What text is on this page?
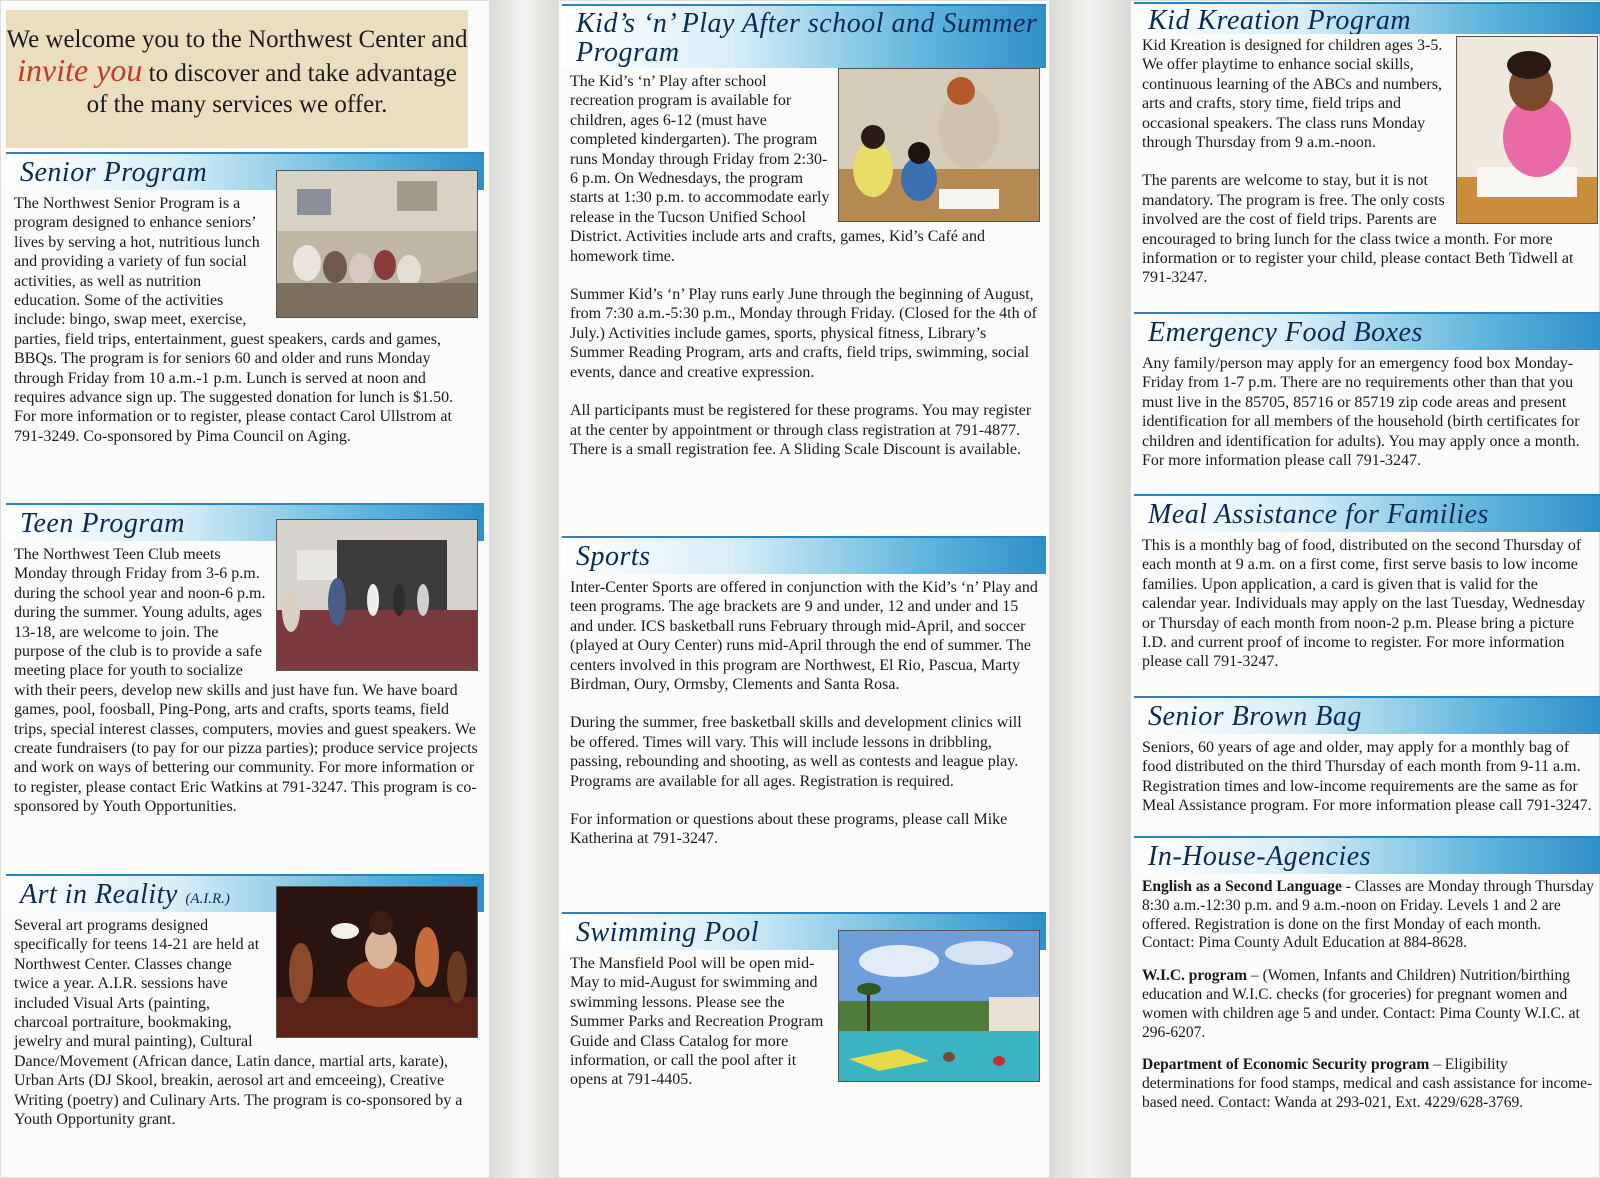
We welcome you to the Northwest Center and invite you to discover and take advantage of the many services we offer.
Senior Program
The Northwest Senior Program is a program designed to enhance seniors’ lives by serving a hot, nutritious lunch and providing a variety of fun social activities, as well as nutrition education. Some of the activities include: bingo, swap meet, exercise, parties, field trips, entertainment, guest speakers, cards and games, BBQs. The program is for seniors 60 and older and runs Monday through Friday from 10 a.m.-1 p.m. Lunch is served at noon and requires advance sign up. The suggested donation for lunch is $1.50. For more information or to register, please contact Carol Ullstrom at 791-3249. Co-sponsored by Pima Council on Aging.
Teen Program
The Northwest Teen Club meets Monday through Friday from 3-6 p.m. during the school year and noon-6 p.m. during the summer. Young adults, ages 13-18, are welcome to join. The purpose of the club is to provide a safe meeting place for youth to socialize with their peers, develop new skills and just have fun. We have board games, pool, foosball, Ping-Pong, arts and crafts, sports teams, field trips, special interest classes, computers, movies and guest speakers. We create fundraisers (to pay for our pizza parties); produce service projects and work on ways of bettering our community. For more information or to register, please contact Eric Watkins at 791-3247. This program is co-sponsored by Youth Opportunities.
Art in Reality (A.I.R.)
Several art programs designed specifically for teens 14-21 are held at Northwest Center. Classes change twice a year. A.I.R. sessions have included Visual Arts (painting, charcoal portraiture, bookmaking, jewelry and mural painting), Cultural Dance/Movement (African dance, Latin dance, martial arts, karate), Urban Arts (DJ Skool, breakin, aerosol art and emceeing), Creative Writing (poetry) and Culinary Arts. The program is co-sponsored by a Youth Opportunity grant.
Kid’s ‘n’ Play After school and Summer Program

The Kid’s ‘n’ Play after school recreation program is available for children, ages 6-12 (must have completed kindergarten). The program runs Monday through Friday from 2:30-6 p.m. On Wednesdays, the program starts at 1:30 p.m. to accommodate early release in the Tucson Unified School District. Activities include arts and crafts, games, Kid’s Café and homework time.

Summer Kid’s ‘n’ Play runs early June through the beginning of August, from 7:30 a.m.-5:30 p.m., Monday through Friday. (Closed for the 4th of July.) Activities include games, sports, physical fitness, Library’s Summer Reading Program, arts and crafts, field trips, swimming, social events, dance and creative expression.

All participants must be registered for these programs. You may register at the center by appointment or through class registration at 791-4877. There is a small registration fee. A Sliding Scale Discount is available.

Sports

Inter-Center Sports are offered in conjunction with the Kid’s ‘n’ Play and teen programs. The age brackets are 9 and under, 12 and under and 15 and under. ICS basketball runs February through mid-April, and soccer (played at Oury Center) runs mid-April through the end of summer. The centers involved in this program are Northwest, El Rio, Pascua, Marty Birdman, Oury, Ormsby, Clements and Santa Rosa.

During the summer, free basketball skills and development clinics will be offered. Times will vary. This will include lessons in dribbling, passing, rebounding and shooting, as well as contests and league play. Programs are available for all ages. Registration is required.

For information or questions about these programs, please call Mike Katherina at 791-3247.

Swimming Pool
The Mansfield Pool will be open mid-May to mid-August for swimming and swimming lessons. Please see the Summer Parks and Recreation Program Guide and Class Catalog for more information, or call the pool after it opens at 791-4405.
Kid Kreation Program

Kid Kreation is designed for children ages 3-5. We offer playtime to enhance social skills, continuous learning of the ABCs and numbers, arts and crafts, story time, field trips and occasional speakers. The class runs Monday through Thursday from 9 a.m.-noon.

The parents are welcome to stay, but it is not mandatory. The program is free. The only costs involved are the cost of field trips. Parents are encouraged to bring lunch for the class twice a month. For more information or to register your child, please contact Beth Tidwell at 791-3247.

Emergency Food Boxes
Any family/person may apply for an emergency food box Monday-Friday from 1-7 p.m. There are no requirements other than that you must live in the 85705, 85716 or 85719 zip code areas and present identification for all members of the household (birth certificates for children and identification for adults). You may apply once a month. For more information please call 791-3247.
Meal Assistance for Families
This is a monthly bag of food, distributed on the second Thursday of each month at 9 a.m. on a first come, first serve basis to low income families. Upon application, a card is given that is valid for the calendar year. Individuals may apply on the last Tuesday, Wednesday or Thursday of each month from noon-2 p.m. Please bring a picture I.D. and current proof of income to register. For more information please call 791-3247.
Senior Brown Bag
Seniors, 60 years of age and older, may apply for a monthly bag of food distributed on the third Thursday of each month from 9-11 a.m. Registration times and low-income requirements are the same as for Meal Assistance program. For more information please call 791-3247.
In-House-Agencies

English as a Second Language - Classes are Monday through Thursday 8:30 a.m.-12:30 p.m. and 9 a.m.-noon on Friday. Levels 1 and 2 are offered. Registration is done on the first Monday of each month. Contact: Pima County Adult Education at 884-8628.

W.I.C. program – (Women, Infants and Children) Nutrition/birthing education and W.I.C. checks (for groceries) for pregnant women and women with children age 5 and under. Contact: Pima County W.I.C. at 296-6207.

Department of Economic Security program – Eligibility determinations for food stamps, medical and cash assistance for income-based need. Contact: Wanda at 293-021, Ext. 4229/628-3769.
